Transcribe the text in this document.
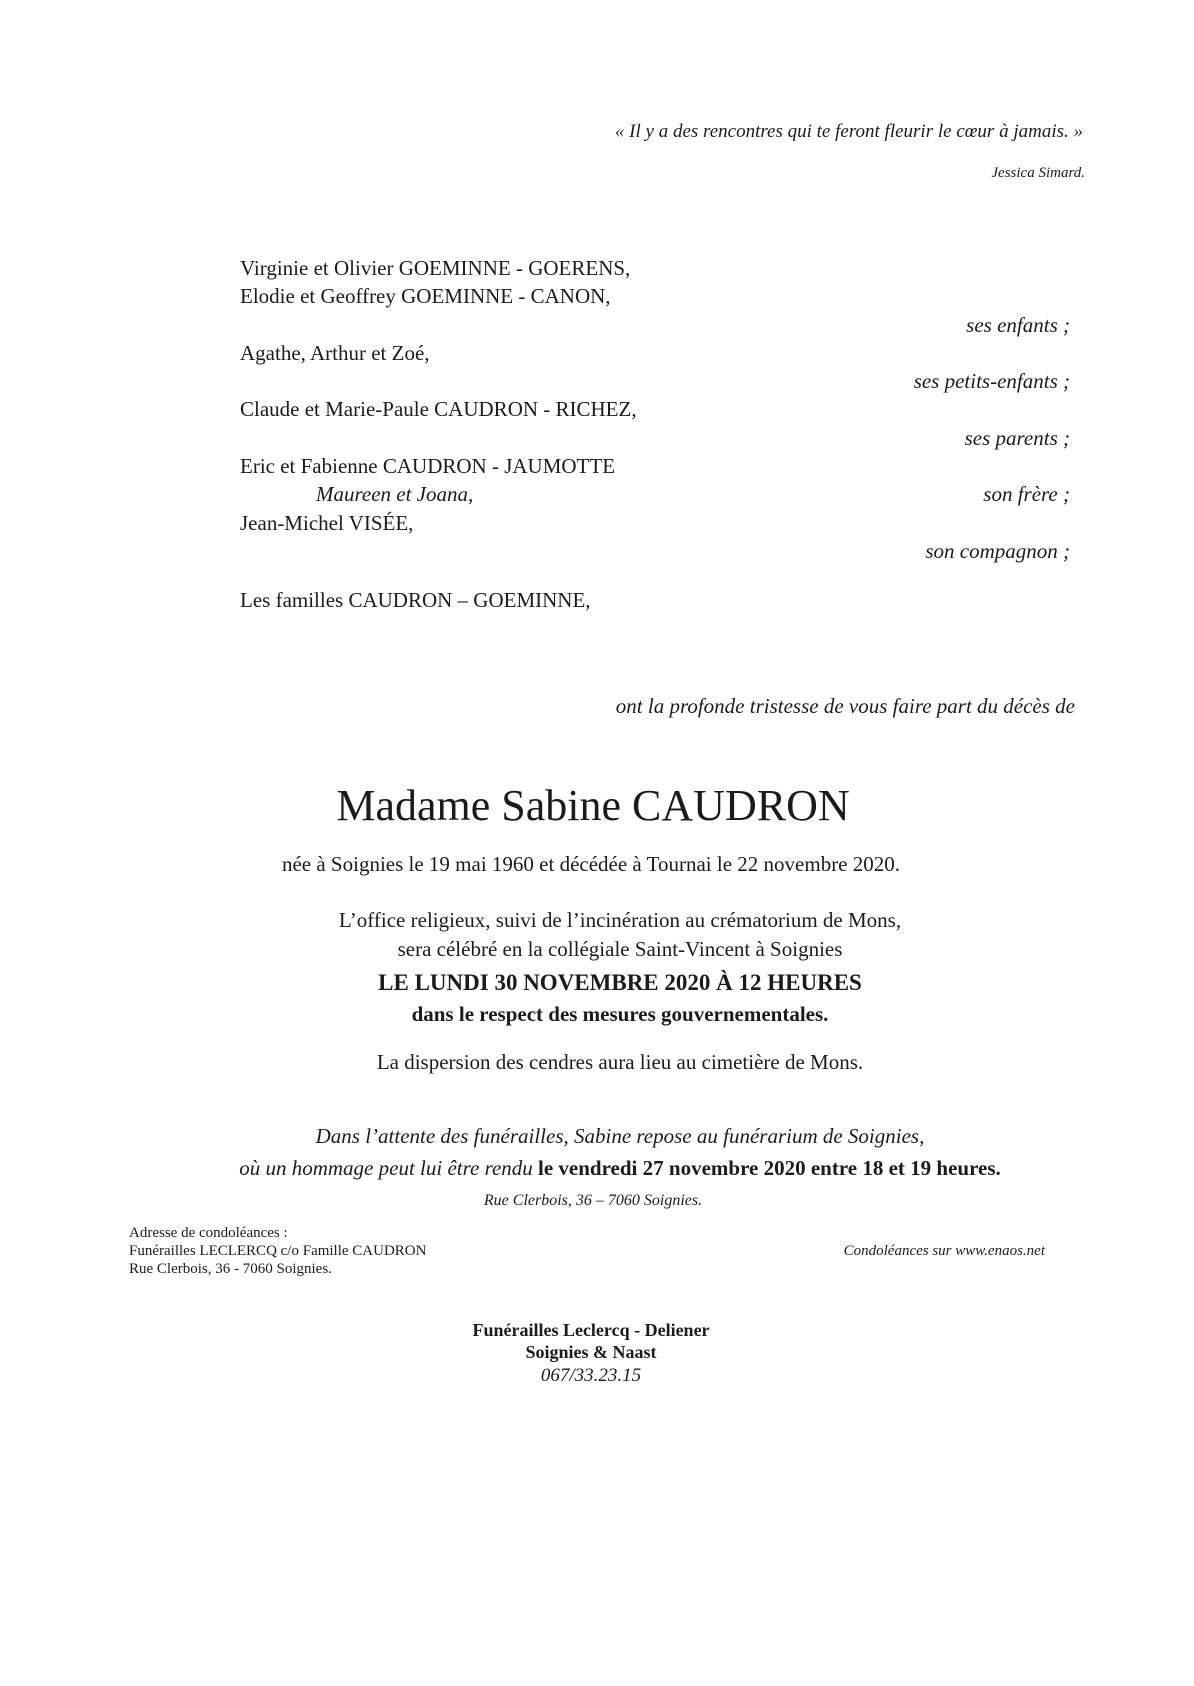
« Il y a des rencontres qui te feront fleurir le cœur à jamais. »
Jessica Simard.
Virginie et Olivier GOEMINNE - GOERENS,
Elodie et Geoffrey GOEMINNE - CANON,
ses enfants ;
Agathe, Arthur et Zoé,
ses petits-enfants ;
Claude et Marie-Paule CAUDRON - RICHEZ,
ses parents ;
Eric et Fabienne CAUDRON - JAUMOTTE
Maureen et Joana,	son frère ;
Jean-Michel VISÉE,
son compagnon ;
Les familles CAUDRON – GOEMINNE,
ont la profonde tristesse de vous faire part du décès de
Madame Sabine CAUDRON
née à Soignies le 19 mai 1960 et décédée à Tournai le 22 novembre 2020.
L’office religieux, suivi de l’incinération au crématorium de Mons,
sera célébré en la collégiale Saint-Vincent à Soignies
LE LUNDI 30 NOVEMBRE 2020 À 12 HEURES
dans le respect des mesures gouvernementales.
La dispersion des cendres aura lieu au cimetière de Mons.
Dans l’attente des funérailles, Sabine repose au funérarium de Soignies,
où un hommage peut lui être rendu le vendredi 27 novembre 2020 entre 18 et 19 heures.
Rue Clerbois, 36 – 7060 Soignies.
Adresse de condoléances :
Funérailles LECLERCQ c/o Famille CAUDRON
Rue Clerbois, 36 - 7060 Soignies.
Condoléances sur www.enaos.net
Funérailles Leclercq - Deliener
Soignies & Naast
067/33.23.15
